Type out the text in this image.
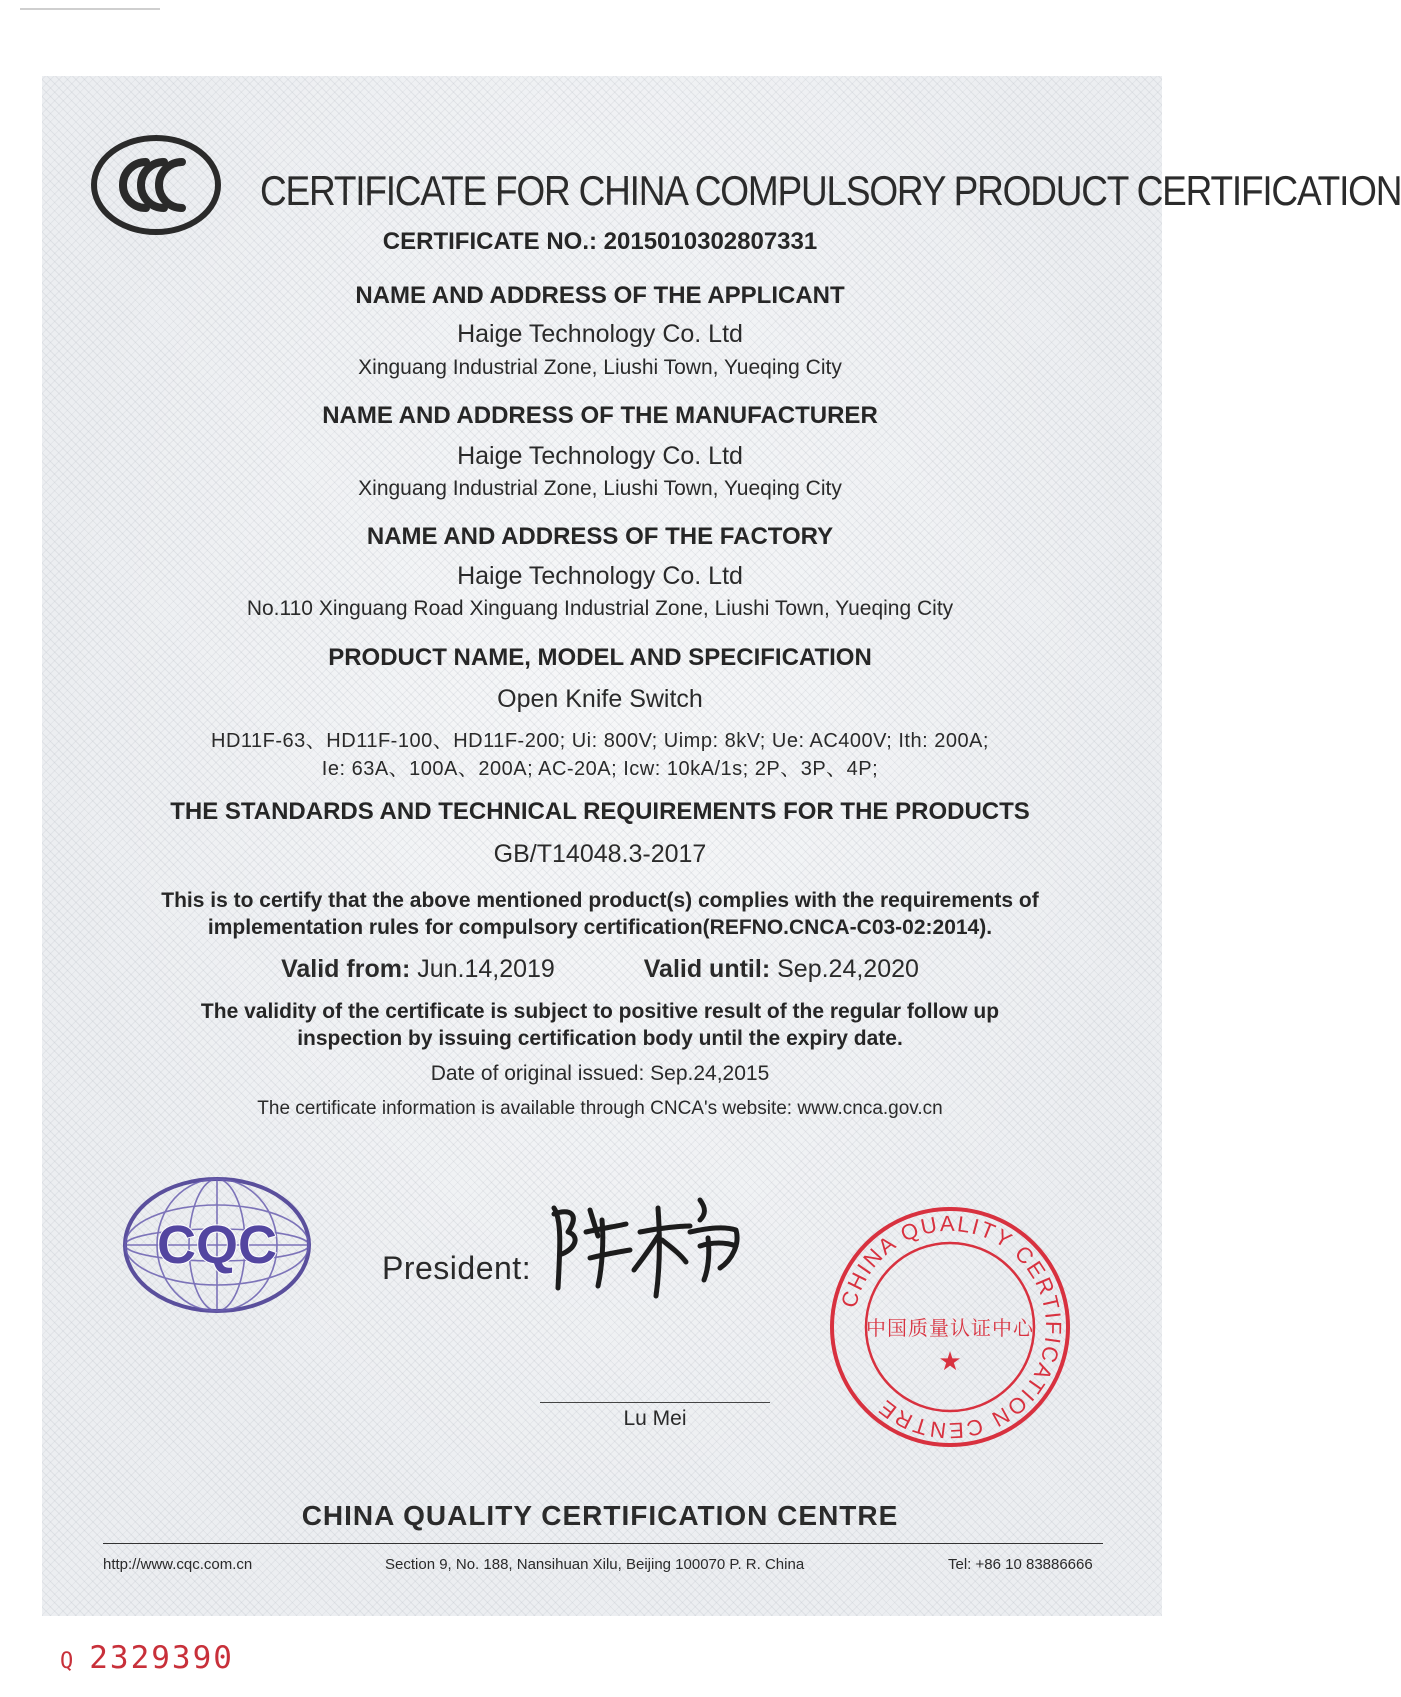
CERTIFICATE FOR CHINA COMPULSORY PRODUCT CERTIFICATION
CERTIFICATE NO.: 2015010302807331
NAME AND ADDRESS OF THE APPLICANT
Haige Technology Co. Ltd
Xinguang Industrial Zone, Liushi Town, Yueqing City
NAME AND ADDRESS OF THE MANUFACTURER
Haige Technology Co. Ltd
Xinguang Industrial Zone, Liushi Town, Yueqing City
NAME AND ADDRESS OF THE FACTORY
Haige Technology Co. Ltd
No.110 Xinguang Road Xinguang Industrial Zone, Liushi Town, Yueqing City
PRODUCT NAME, MODEL AND SPECIFICATION
Open Knife Switch
HD11F-63、HD11F-100、HD11F-200; Ui: 800V; Uimp: 8kV; Ue: AC400V; Ith: 200A;
Ie: 63A、100A、200A; AC-20A; Icw: 10kA/1s; 2P、3P、4P;
THE STANDARDS AND TECHNICAL REQUIREMENTS FOR THE PRODUCTS
GB/T14048.3-2017
This is to certify that the above mentioned product(s) complies with the requirements of
implementation rules for compulsory certification(REFNO.CNCA-C03-02:2014).
Valid from: Jun.14,2019	Valid until: Sep.24,2020
The validity of the certificate is subject to positive result of the regular follow up
inspection by issuing certification body until the expiry date.
Date of original issued: Sep.24,2015
The certificate information is available through CNCA's website: www.cnca.gov.cn
CQC	President:
陆梅
Lu Mei
CHINA QUALITY CERTIFICATION CENTRE
中国质量认证中心
★
CHINA QUALITY CERTIFICATION CENTRE
http://www.cqc.com.cn	Section 9, No. 188, Nansihuan Xilu, Beijing 100070 P. R. China	Tel: +86 10 83886666
Q 2329390
